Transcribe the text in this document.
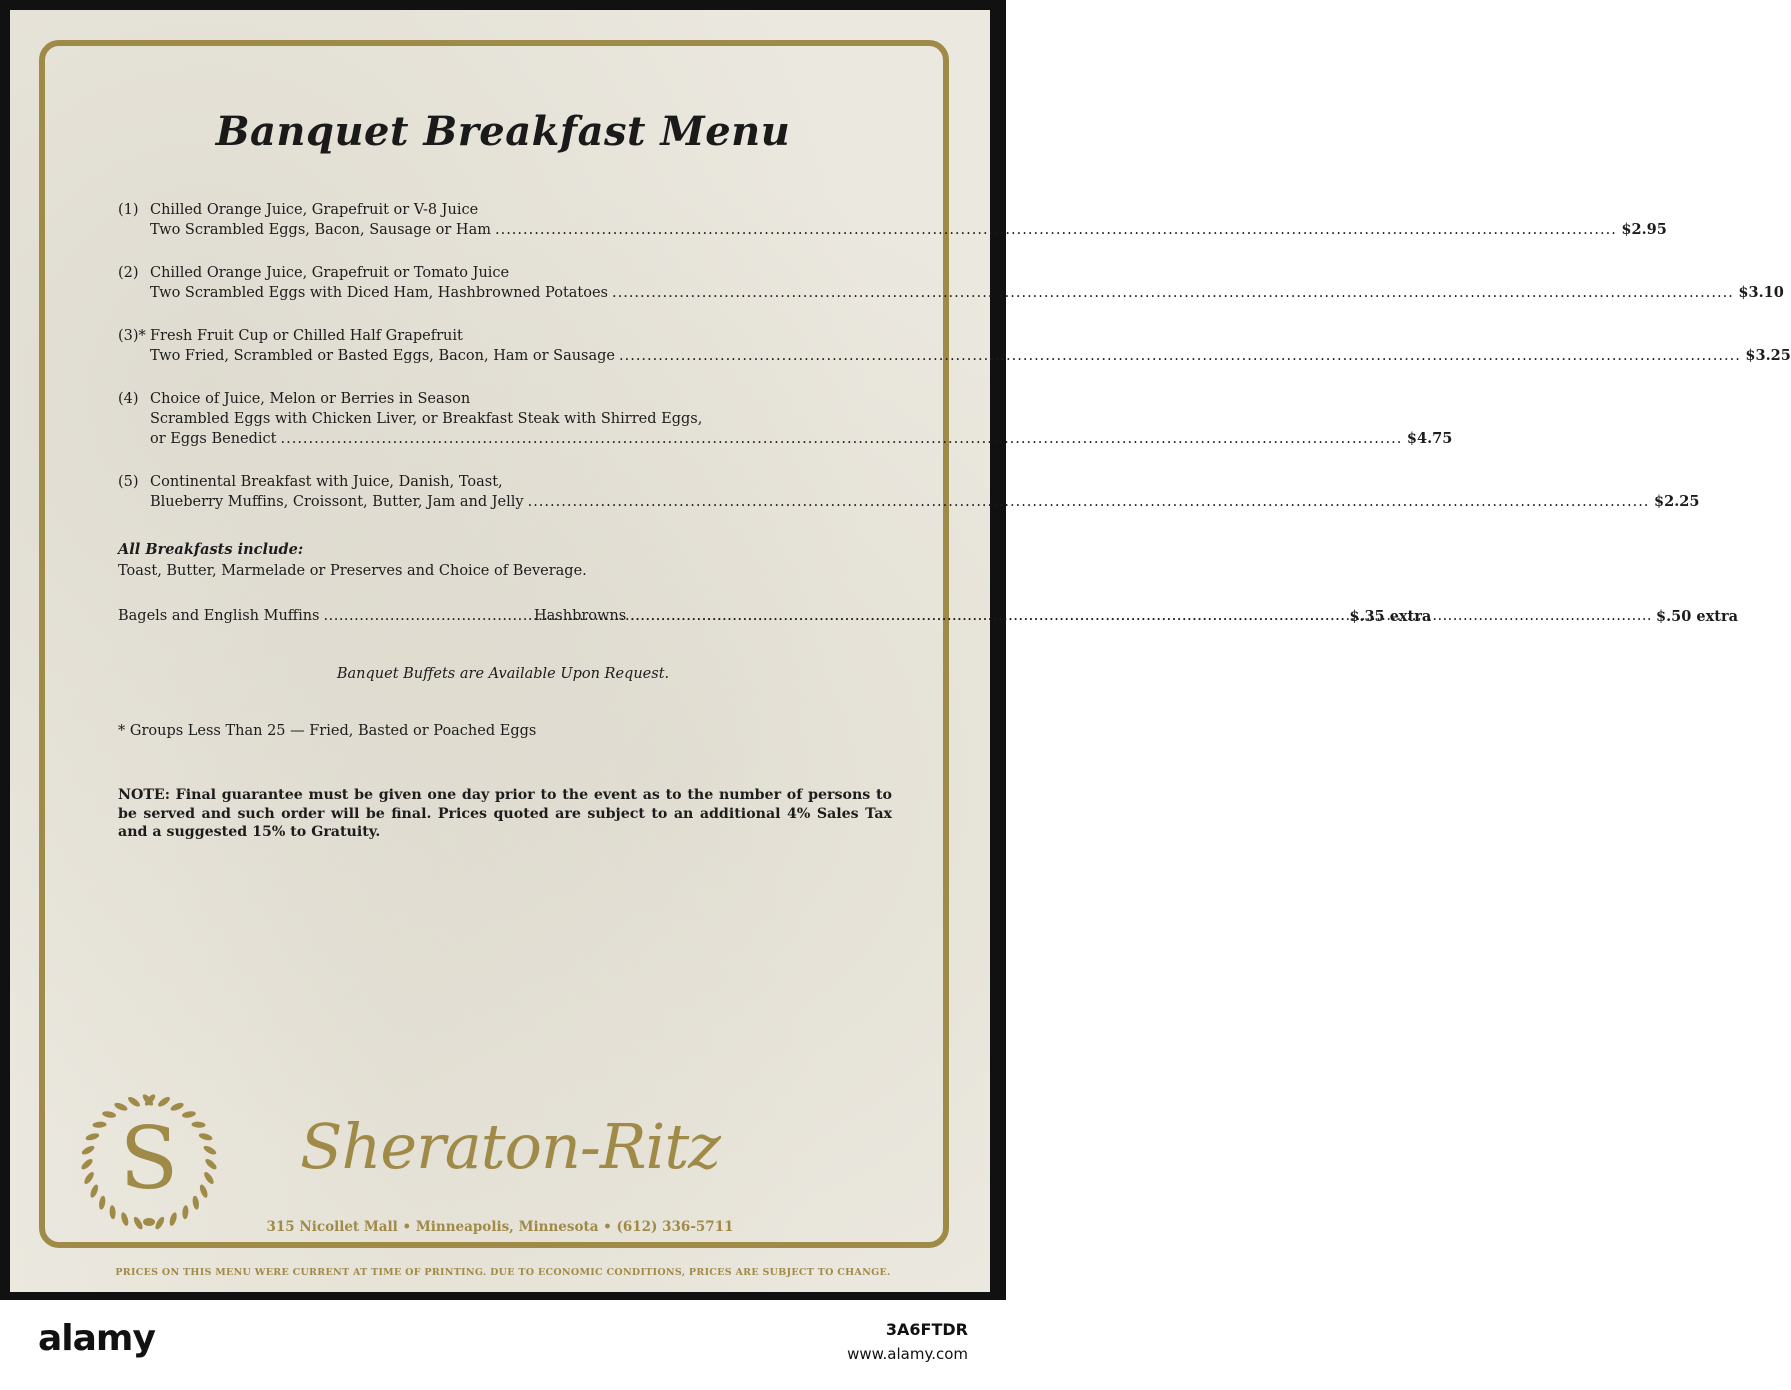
Banquet Breakfast Menu
(1) Chilled Orange Juice, Grapefruit or V-8 Juice
Two Scrambled Eggs, Bacon, Sausage or Ham .....	$2.95
(2) Chilled Orange Juice, Grapefruit or Tomato Juice
Two Scrambled Eggs with Diced Ham, Hashbrowned Potatoes .....	$3.10
(3)* Fresh Fruit Cup or Chilled Half Grapefruit
Two Fried, Scrambled or Basted Eggs, Bacon, Ham or Sausage .....	$3.25
(4) Choice of Juice, Melon or Berries in Season
Scrambled Eggs with Chicken Liver, or Breakfast Steak with Shirred Eggs,
or Eggs Benedict .....	$4.75
(5) Continental Breakfast with Juice, Danish, Toast,
Blueberry Muffins, Croissont, Butter, Jam and Jelly .....	$2.25
All Breakfasts include:
Toast, Butter, Marmelade or Preserves and Choice of Beverage.
Bagels and English Muffins .....	$.35 extra
Hashbrowns .....	$.50 extra
Banquet Buffets are Available Upon Request.
* Groups Less Than 25 — Fried, Basted or Poached Eggs
NOTE: Final guarantee must be given one day prior to the event as to the number of persons to be served and such order will be final. Prices quoted are subject to an additional 4% Sales Tax and a suggested 15% to Gratuity.
S	Sheraton-Ritz
315 Nicollet Mall • Minneapolis, Minnesota • (612) 336-5711
PRICES ON THIS MENU WERE CURRENT AT TIME OF PRINTING. DUE TO ECONOMIC CONDITIONS, PRICES ARE SUBJECT TO CHANGE.
alamy	3A6FTDR
www.alamy.com
